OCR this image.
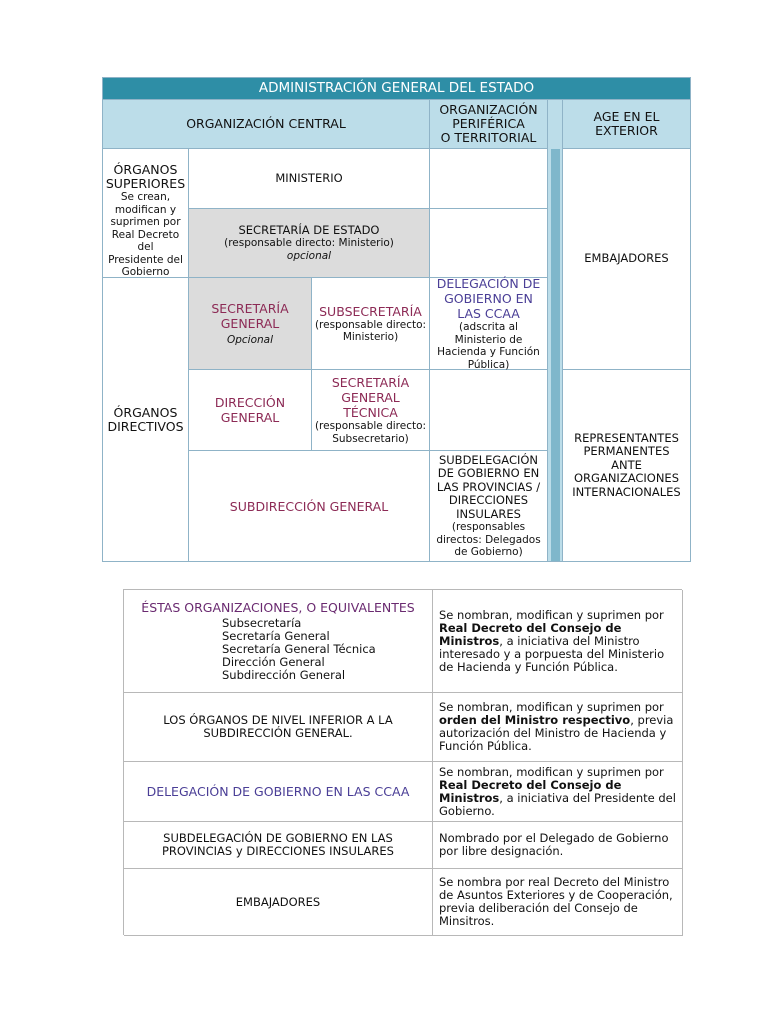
ADMINISTRACIÓN GENERAL DEL ESTADO
ORGANIZACIÓN CENTRAL
ORGANIZACIÓN
PERIFÉRICA
O TERRITORIAL
AGE EN EL
EXTERIOR
ÓRGANOS
SUPERIORES
Se crean,
modifican y
suprimen por
Real Decreto del
Presidente del
Gobierno
MINISTERIO
SECRETARÍA DE ESTADO
(responsable directo: Ministerio)
opcional	EMBAJADORES
ÓRGANOS
DIRECTIVOS
SECRETARÍA
GENERAL
Opcional
SUBSECRETARÍA
(responsable directo:
Ministerio)
DELEGACIÓN DE
GOBIERNO EN
LAS CCAA
(adscrita al
Ministerio de
Hacienda y Función
Pública)
DIRECCIÓN
GENERAL
SECRETARÍA
GENERAL
TÉCNICA
(responsable directo:
Subsecretario)	REPRESENTANTES
PERMANENTES
ANTE
ORGANIZACIONES
INTERNACIONALES
SUBDIRECCIÓN GENERAL
SUBDELEGACIÓN
DE GOBIERNO EN
LAS PROVINCIAS /
DIRECCIONES
INSULARES
(responsables
directos: Delegados
de Gobierno)
ÉSTAS ORGANIZACIONES, O EQUIVALENTES
Subsecretaría
Secretaría General
Secretaría General Técnica
Dirección General
Subdirección General
Se nombran, modifican y suprimen por Real Decreto del Consejo de Ministros, a iniciativa del Ministro interesado y a porpuesta del Ministerio de Hacienda y Función Pública.
LOS ÓRGANOS DE NIVEL INFERIOR A LA
SUBDIRECCIÓN GENERAL.
Se nombran, modifican y suprimen por orden del Ministro respectivo, previa autorización del Ministro de Hacienda y Función Pública.
DELEGACIÓN DE GOBIERNO EN LAS CCAA
Se nombran, modifican y suprimen por Real Decreto del Consejo de Ministros, a iniciativa del Presidente del Gobierno.
SUBDELEGACIÓN DE GOBIERNO EN LAS
PROVINCIAS y DIRECCIONES INSULARES
Nombrado por el Delegado de Gobierno por libre designación.
EMBAJADORES
Se nombra por real Decreto del Ministro de Asuntos Exteriores y de Cooperación, previa deliberación del Consejo de Minsitros.
